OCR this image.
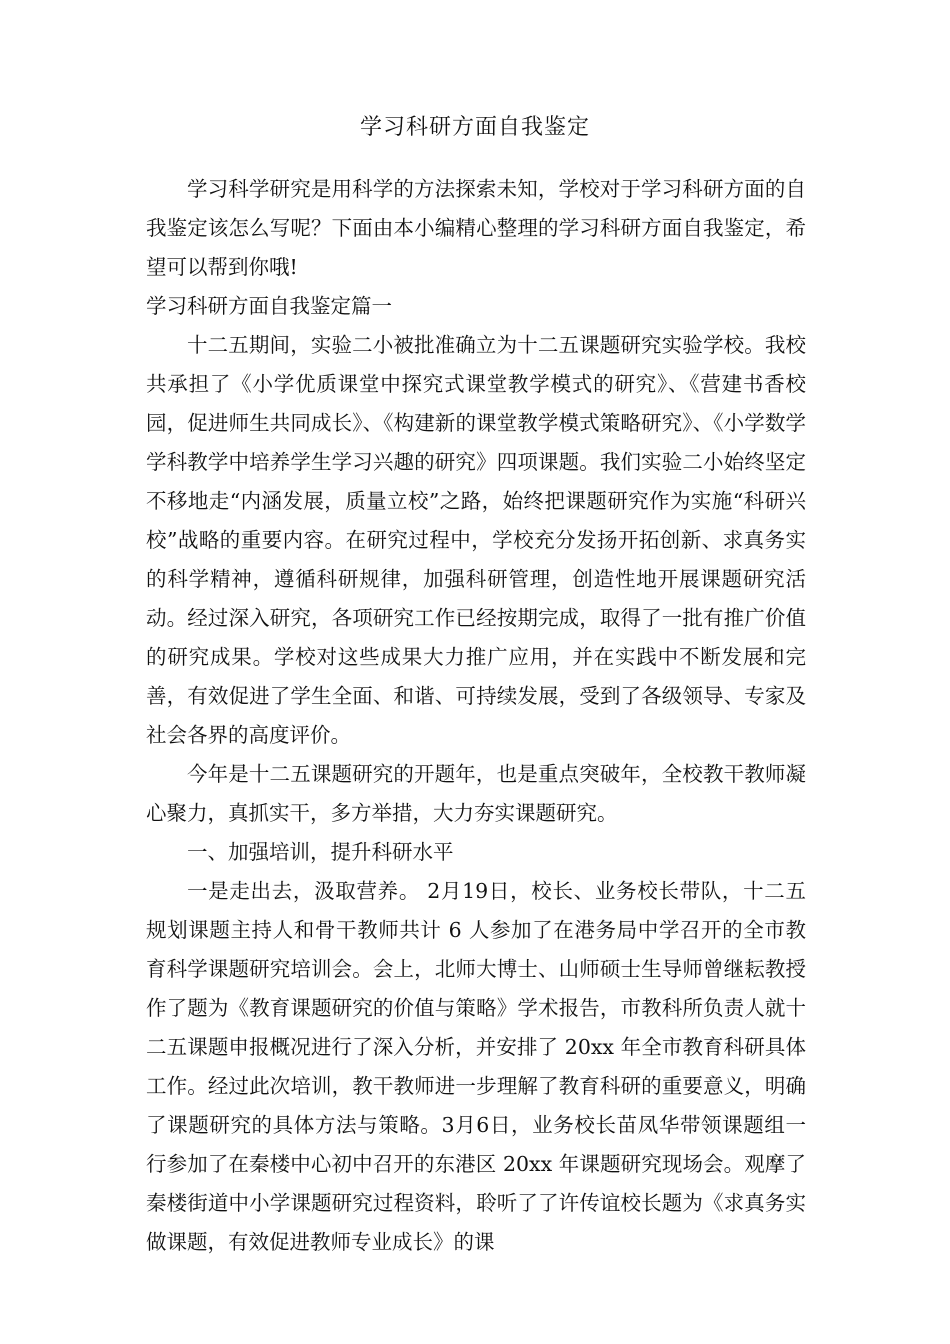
学习科研方面自我鉴定

学习科学研究是用科学的方法探索未知，学校对于学习科研方面的自我鉴定该怎么写呢？下面由本小编精心整理的学习科研方面自我鉴定，希望可以帮到你哦!

学习科研方面自我鉴定篇一

十二五期间，实验二小被批准确立为十二五课题研究实验学校。我校共承担了《小学优质课堂中探究式课堂教学模式的研究》、《营建书香校园，促进师生共同成长》、《构建新的课堂教学模式策略研究》、《小学数学学科教学中培养学生学习兴趣的研究》四项课题。我们实验二小始终坚定不移地走“内涵发展，质量立校”之路，始终把课题研究作为实施“科研兴校”战略的重要内容。在研究过程中，学校充分发扬开拓创新、求真务实的科学精神，遵循科研规律，加强科研管理，创造性地开展课题研究活动。经过深入研究，各项研究工作已经按期完成，取得了一批有推广价值的研究成果。学校对这些成果大力推广应用，并在实践中不断发展和完善，有效促进了学生全面、和谐、可持续发展，受到了各级领导、专家及社会各界的高度评价。

今年是十二五课题研究的开题年，也是重点突破年，全校教干教师凝心聚力，真抓实干，多方举措，大力夯实课题研究。

一、加强培训，提升科研水平

一是走出去，汲取营养。 2月19日，校长、业务校长带队，十二五规划课题主持人和骨干教师共计 6 人参加了在港务局中学召开的全市教育科学课题研究培训会。会上，北师大博士、山师硕士生导师曾继耘教授作了题为《教育课题研究的价值与策略》学术报告，市教科所负责人就十二五课题申报概况进行了深入分析，并安排了 20xx 年全市教育科研具体工作。经过此次培训，教干教师进一步理解了教育科研的重要意义，明确了课题研究的具体方法与策略。3月6日，业务校长苗凤华带领课题组一行参加了在秦楼中心初中召开的东港区 20xx 年课题研究现场会。观摩了秦楼街道中小学课题研究过程资料，聆听了了许传谊校长题为《求真务实做课题，有效促进教师专业成长》的课
